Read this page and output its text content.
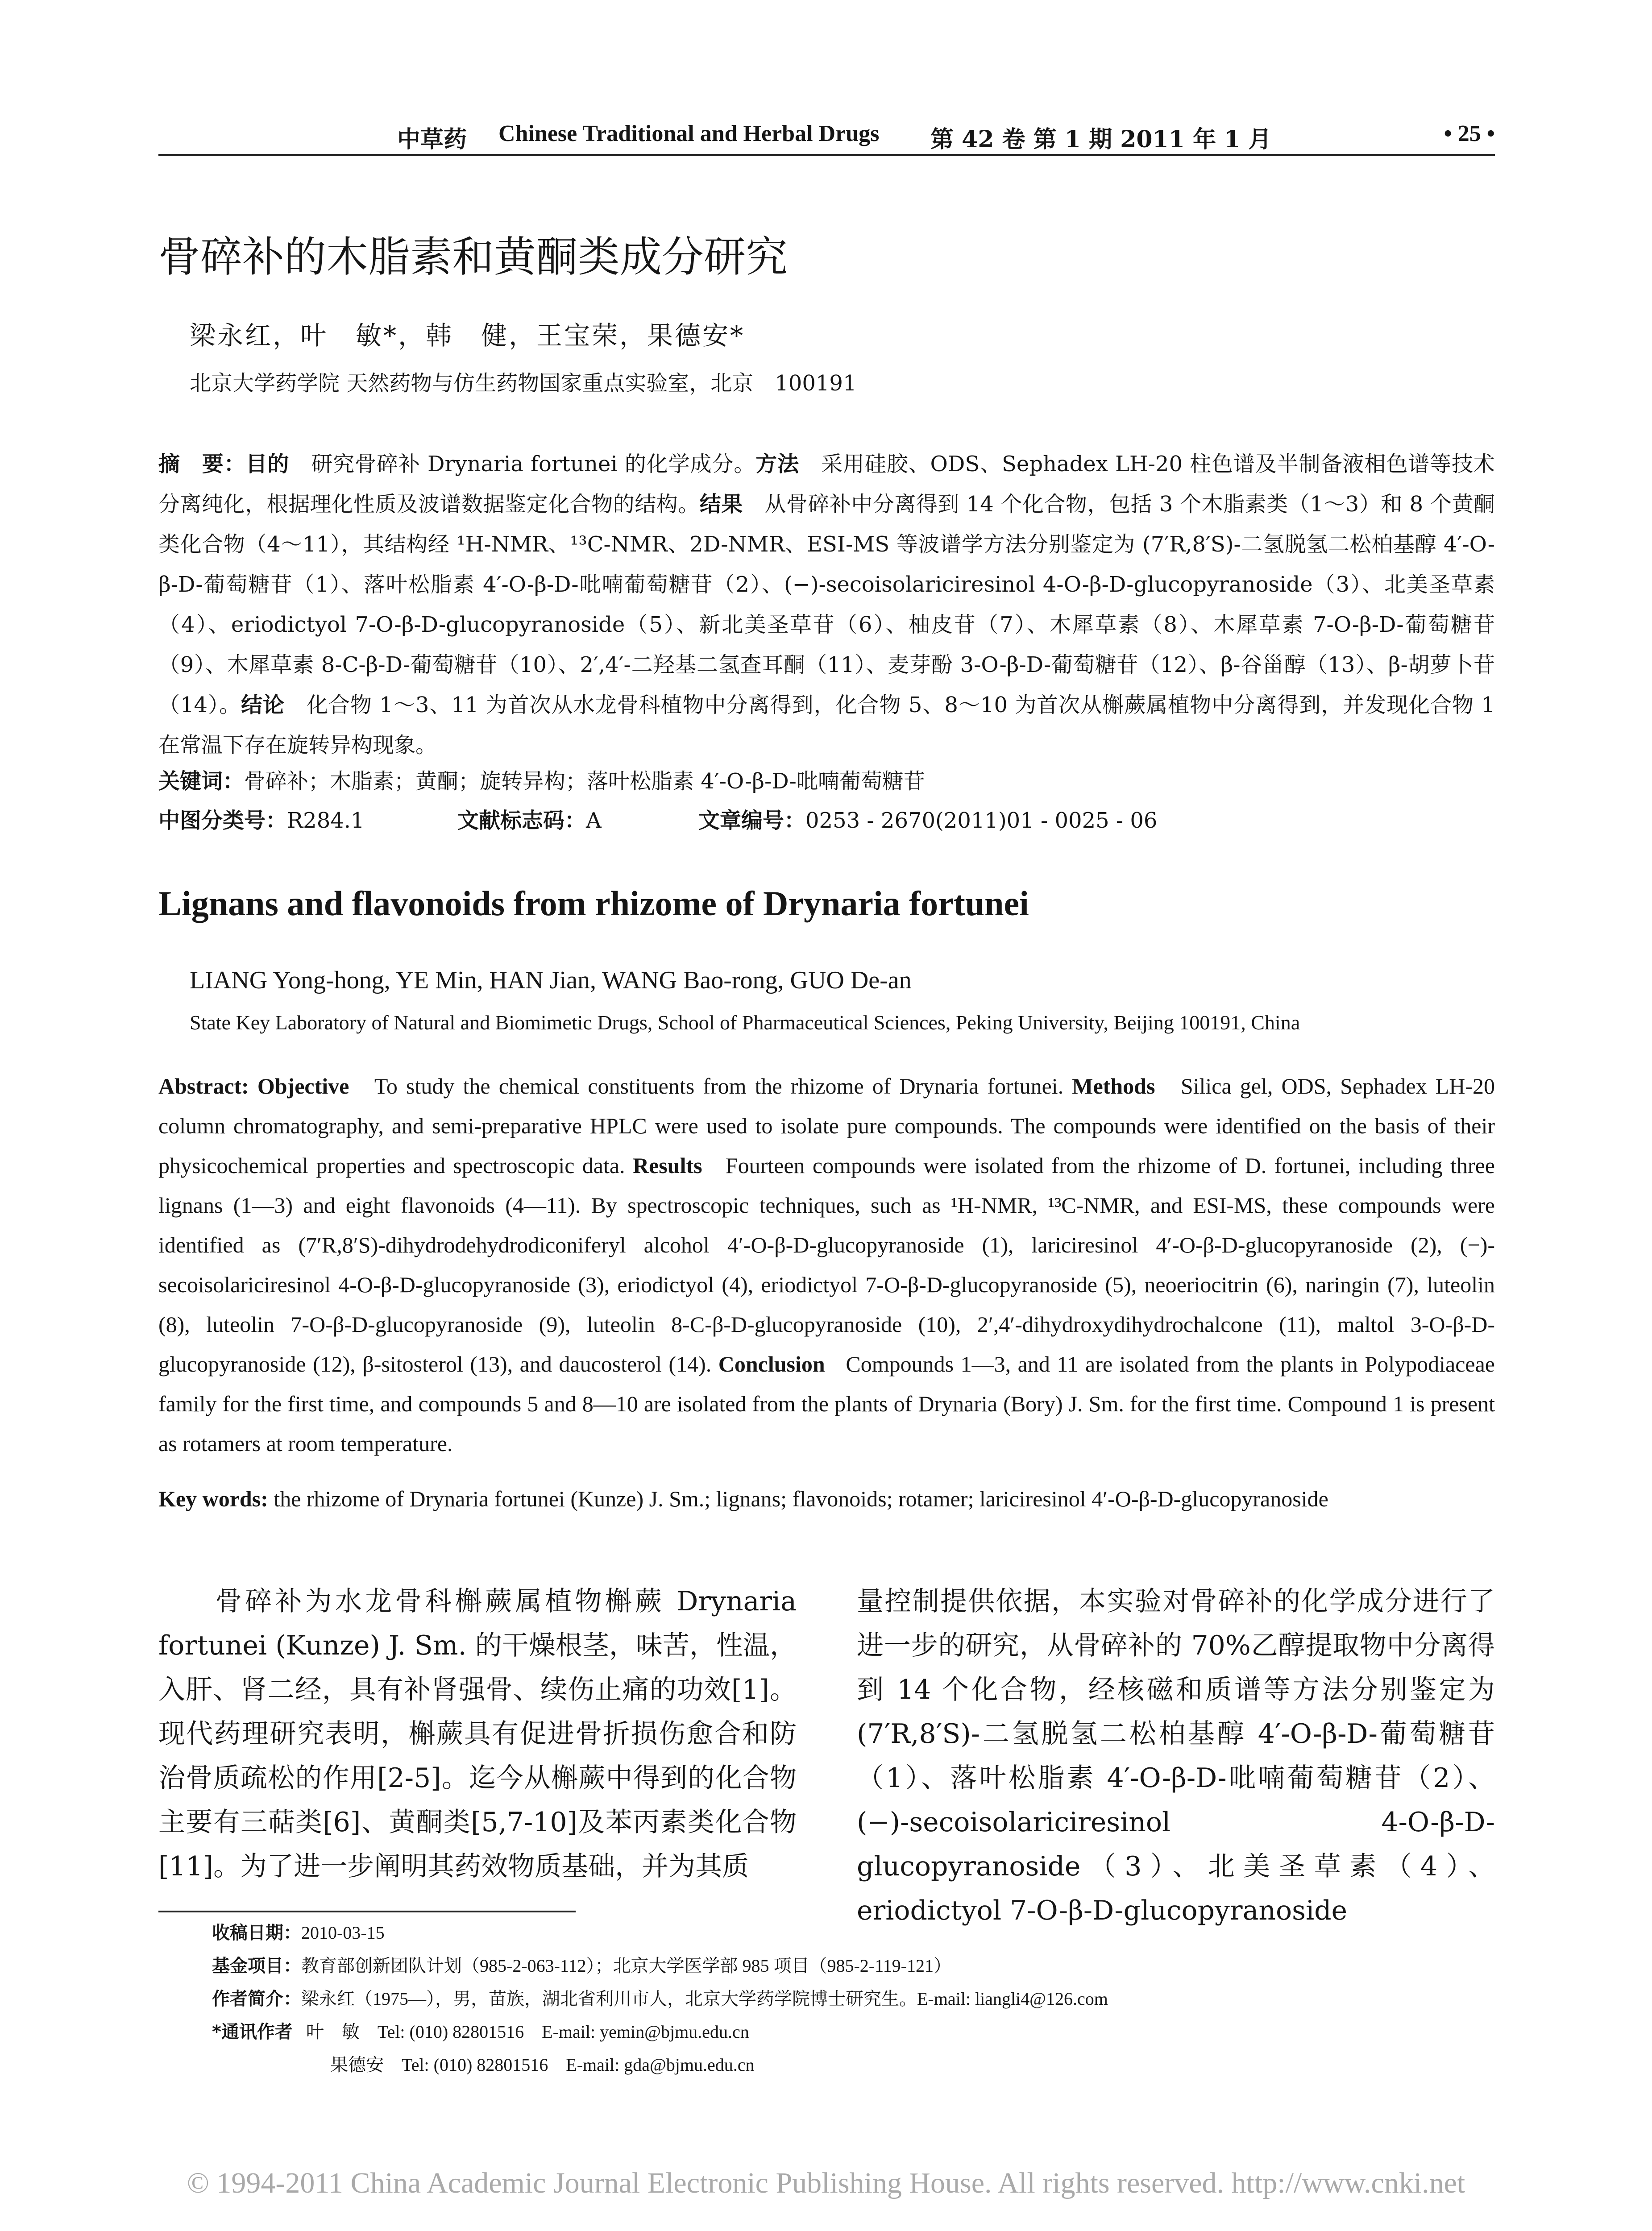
中草药 Chinese Traditional and Herbal Drugs 第 42 卷 第 1 期 2011 年 1 月	• 25 •
骨碎补的木脂素和黄酮类成分研究
梁永红，叶　敏*，韩　健，王宝荣，果德安*
北京大学药学院 天然药物与仿生药物国家重点实验室，北京　100191
摘　要：目的　 研究骨碎补 Drynaria fortunei 的化学成分。方法　 采用硅胶、ODS、Sephadex LH-20 柱色谱及半制备液相色谱等技术分离纯化，根据理化性质及波谱数据鉴定化合物的结构。结果　 从骨碎补中分离得到 14 个化合物，包括 3 个木脂素类（1～3）和 8 个黄酮类化合物（4～11），其结构经 ¹H-NMR、¹³C-NMR、2D-NMR、ESI-MS 等波谱学方法分别鉴定为 (7′R,8′S)-二氢脱氢二松柏基醇 4′-O-β-D-葡萄糖苷（1）、落叶松脂素 4′-O-β-D-吡喃葡萄糖苷（2）、(−)-secoisolariciresinol 4-O-β-D-glucopyranoside（3）、北美圣草素（4）、eriodictyol 7-O-β-D-glucopyranoside（5）、新北美圣草苷（6）、柚皮苷（7）、木犀草素（8）、木犀草素 7-O-β-D-葡萄糖苷（9）、木犀草素 8-C-β-D-葡萄糖苷（10）、2′,4′-二羟基二氢查耳酮（11）、麦芽酚 3-O-β-D-葡萄糖苷（12）、β-谷甾醇（13）、β-胡萝卜苷（14）。结论　 化合物 1～3、11 为首次从水龙骨科植物中分离得到，化合物 5、8～10 为首次从槲蕨属植物中分离得到，并发现化合物 1 在常温下存在旋转异构现象。
关键词：骨碎补；木脂素；黄酮；旋转异构；落叶松脂素 4′-O-β-D-吡喃葡萄糖苷
中图分类号：R284.1	文献标志码：A	文章编号：0253 - 2670(2011)01 - 0025 - 06
Lignans and flavonoids from rhizome of Drynaria fortunei
LIANG Yong-hong, YE Min, HAN Jian, WANG Bao-rong, GUO De-an
State Key Laboratory of Natural and Biomimetic Drugs, School of Pharmaceutical Sciences, Peking University, Beijing 100191, China
Abstract: Objective To study the chemical constituents from the rhizome of Drynaria fortunei. Methods Silica gel, ODS, Sephadex LH-20 column chromatography, and semi-preparative HPLC were used to isolate pure compounds. The compounds were identified on the basis of their physicochemical properties and spectroscopic data. Results Fourteen compounds were isolated from the rhizome of D. fortunei, including three lignans (1—3) and eight flavonoids (4—11). By spectroscopic techniques, such as ¹H-NMR, ¹³C-NMR, and ESI-MS, these compounds were identified as (7′R,8′S)-dihydrodehydrodiconiferyl alcohol 4′-O-β-D-glucopyranoside (1), lariciresinol 4′-O-β-D-glucopyranoside (2), (−)-secoisolariciresinol 4-O-β-D-glucopyranoside (3), eriodictyol (4), eriodictyol 7-O-β-D-glucopyranoside (5), neoeriocitrin (6), naringin (7), luteolin (8), luteolin 7-O-β-D-glucopyranoside (9), luteolin 8-C-β-D-glucopyranoside (10), 2′,4′-dihydroxydihydrochalcone (11), maltol 3-O-β-D-glucopyranoside (12), β-sitosterol (13), and daucosterol (14). Conclusion Compounds 1—3, and 11 are isolated from the plants in Polypodiaceae family for the first time, and compounds 5 and 8—10 are isolated from the plants of Drynaria (Bory) J. Sm. for the first time. Compound 1 is present as rotamers at room temperature.
Key words: the rhizome of Drynaria fortunei (Kunze) J. Sm.; lignans; flavonoids; rotamer; lariciresinol 4′-O-β-D-glucopyranoside
骨碎补为水龙骨科槲蕨属植物槲蕨 Drynaria fortunei (Kunze) J. Sm. 的干燥根茎，味苦，性温，入肝、肾二经，具有补肾强骨、续伤止痛的功效[1]。现代药理研究表明，槲蕨具有促进骨折损伤愈合和防治骨质疏松的作用[2-5]。迄今从槲蕨中得到的化合物主要有三萜类[6]、黄酮类[5,7-10]及苯丙素类化合物[11]。为了进一步阐明其药效物质基础，并为其质
量控制提供依据，本实验对骨碎补的化学成分进行了进一步的研究，从骨碎补的 70%乙醇提取物中分离得到 14 个化合物，经核磁和质谱等方法分别鉴定为 (7′R,8′S)-二氢脱氢二松柏基醇 4′-O-β-D-葡萄糖苷（1）、落叶松脂素 4′-O-β-D-吡喃葡萄糖苷（2）、(−)-secoisolariciresinol 4-O-β-D-glucopyranoside（3）、北美圣草素（4）、eriodictyol 7-O-β-D-glucopyranoside
收稿日期：2010-03-15
基金项目：教育部创新团队计划（985-2-063-112）；北京大学医学部 985 项目（985-2-119-121）
作者简介：梁永红（1975—），男，苗族，湖北省利川市人，北京大学药学院博士研究生。E-mail: liangli4@126.com
*通讯作者 叶　敏　Tel: (010) 82801516　E-mail: yemin@bjmu.edu.cn
果德安　Tel: (010) 82801516　E-mail: gda@bjmu.edu.cn
© 1994-2011 China Academic Journal Electronic Publishing House. All rights reserved. http://www.cnki.net
